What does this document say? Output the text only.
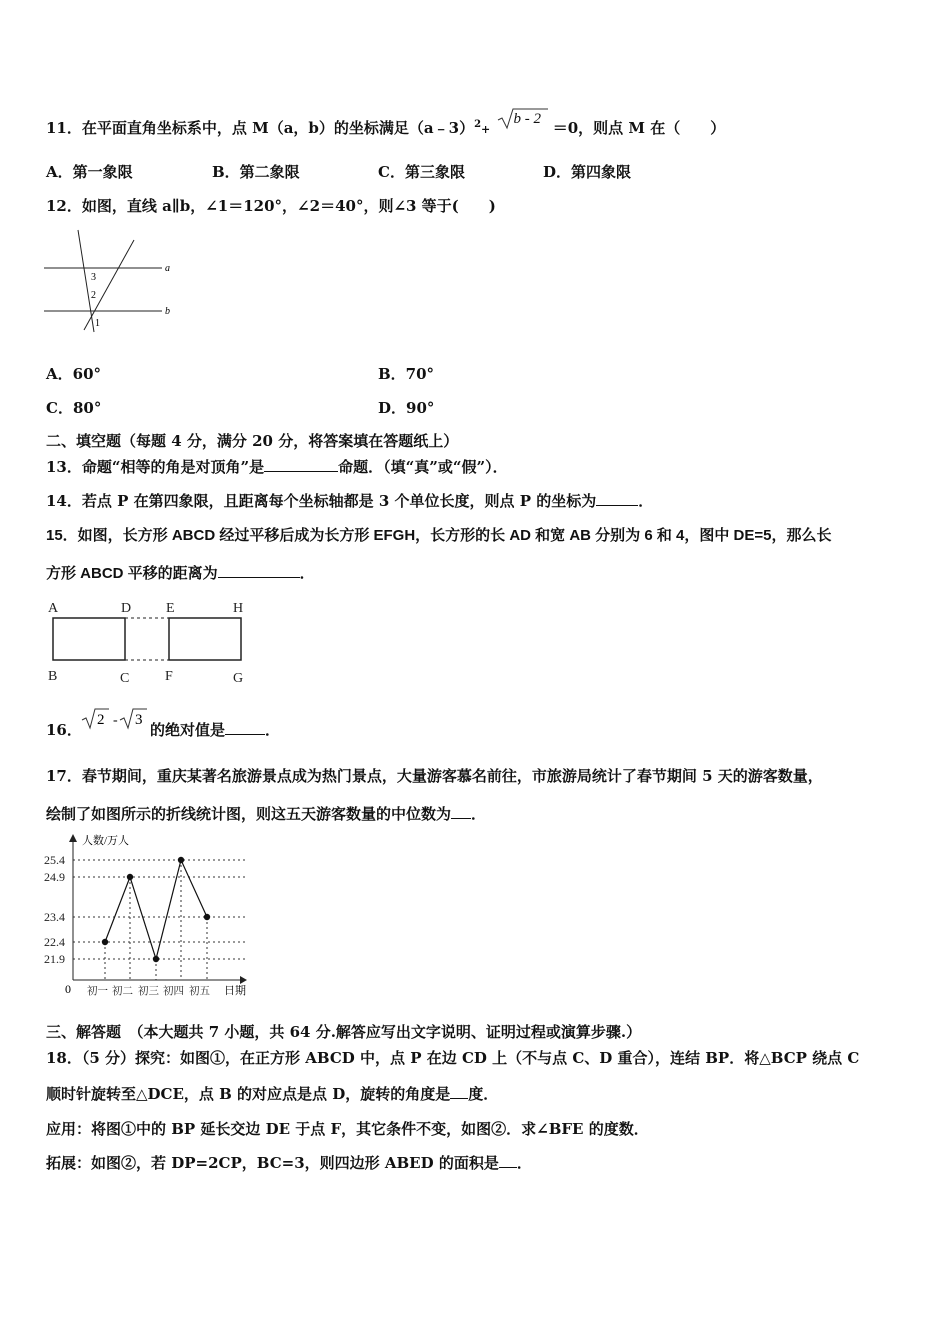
11．在平面直角坐标系中，点 M（a，b）的坐标满足（a﹣3）$^2$+
b - 2 ＝0，则点 M 在（　　）
A．第一象限	B．第二象限	C．第三象限	D．第四象限
12．如图，直线 a∥b，∠1＝120°，∠2＝40°，则∠3 等于(　　)
3
2
1
a
b
A．60°	B．70°
C．80°	D．90°
二、填空题（每题 4 分，满分 20 分，将答案填在答题纸上）
13．命题“相等的角是对顶角”是	命题．（填“真”或“假”）．
14．若点 P 在第四象限，且距离每个坐标轴都是 3 个单位长度，则点 P 的坐标为	．
15．如图，长方形 ABCD 经过平移后成为长方形 EFGH，长方形的长 AD 和宽 AB 分别为 6 和 4，图中 DE=5，那么长
方形 ABCD 平移的距离为	．
A	D E	H
B	C	F	G
16．
2 - 3
的绝对值是	．
17．春节期间，重庆某著名旅游景点成为热门景点，大量游客慕名前往，市旅游局统计了春节期间 5 天的游客数量，
绘制了如图所示的折线统计图，则这五天游客数量的中位数为 ．
人数/万人
日期
0
25.4
24.9
23.4
22.4
21.9
初一 初二 初三 初四 初五
三、解答题　（本大题共 7 小题，共 64 分.解答应写出文字说明、证明过程或演算步骤.）
18．（5 分）探究：如图①，在正方形 ABCD 中，点 P 在边 CD 上（不与点 C、D 重合），连结 BP．将△BCP 绕点 C
顺时针旋转至△DCE，点 B 的对应点是点 D，旋转的角度是 度．
应用：将图①中的 BP 延长交边 DE 于点 F，其它条件不变，如图②．求∠BFE 的度数．
拓展：如图②，若 DP=2CP，BC=3，则四边形 ABED 的面积是 ．
